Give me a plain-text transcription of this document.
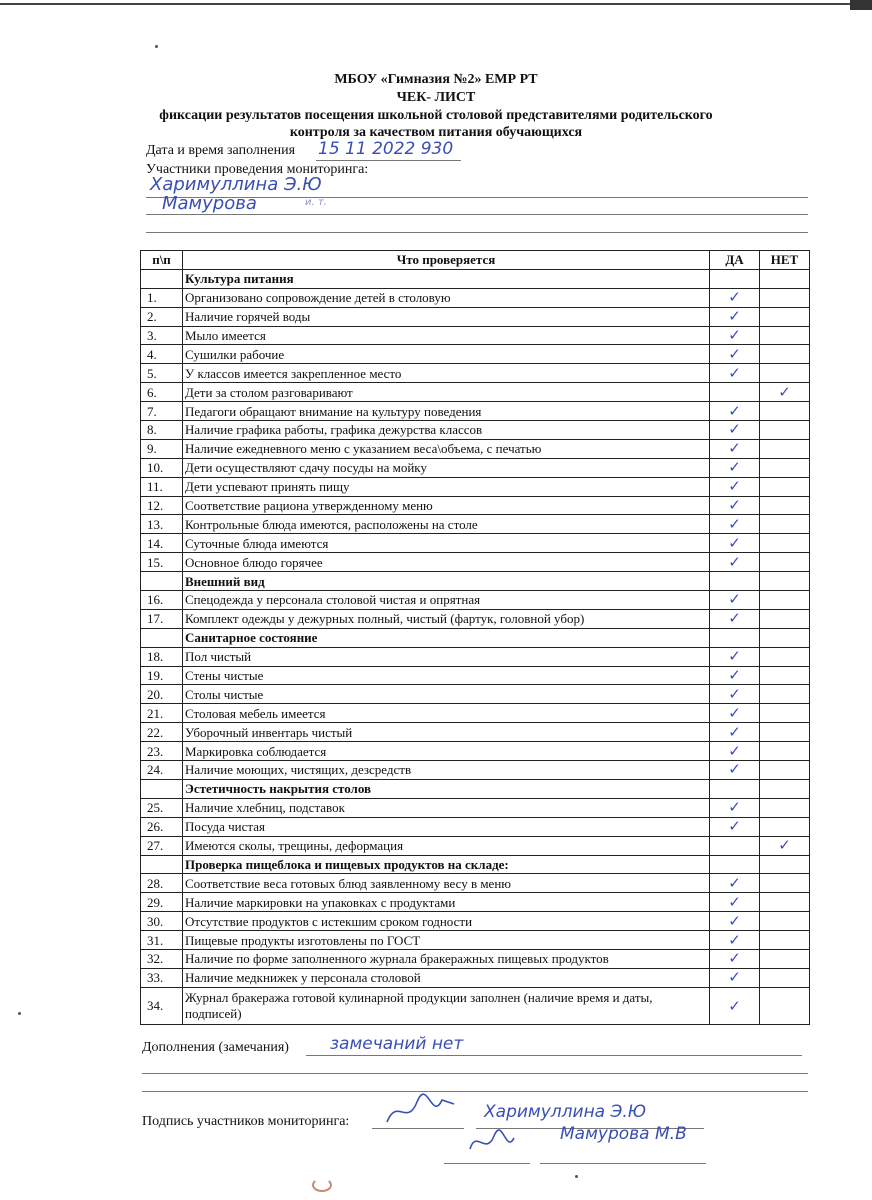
МБОУ «Гимназия №2» ЕМР РТ
ЧЕК- ЛИСТ
фиксации результатов посещения школьной столовой представителями родительского
контроля за качеством питания обучающихся
Дата и время заполнения 15 11 2022 930
Участники проведения мониторинга:
Харимуллина Э.Ю
Мамурова	и. т.
п\п	Что проверяется	ДА	НЕТ
	Культура питания		
1.	Организовано сопровождение детей в столовую	✓	
2.	Наличие горячей воды	✓	
3.	Мыло имеется	✓	
4.	Сушилки рабочие	✓	
5.	У классов имеется закрепленное место	✓	
6.	Дети за столом разговаривают		✓
7.	Педагоги обращают внимание на культуру поведения	✓	
8.	Наличие графика работы, графика дежурства классов	✓	
9.	Наличие ежедневного меню с указанием веса\объема, с печатью	✓	
10.	Дети осуществляют сдачу посуды на мойку	✓	
11.	Дети успевают принять пищу	✓	
12.	Соответствие рациона утвержденному меню	✓	
13.	Контрольные блюда имеются, расположены на столе	✓	
14.	Суточные блюда имеются	✓	
15.	Основное блюдо горячее	✓	
	Внешний вид		
16.	Спецодежда у персонала столовой чистая и опрятная	✓	
17.	Комплект одежды у дежурных полный, чистый (фартук, головной убор)	✓	
	Санитарное состояние		
18.	Пол чистый	✓	
19.	Стены чистые	✓	
20.	Столы чистые	✓	
21.	Столовая мебель имеется	✓	
22.	Уборочный инвентарь чистый	✓	
23.	Маркировка соблюдается	✓	
24.	Наличие моющих, чистящих, дезсредств	✓	
	Эстетичность накрытия столов		
25.	Наличие хлебниц, подставок	✓	
26.	Посуда чистая	✓	
27.	Имеются сколы, трещины, деформация		✓
	Проверка пищеблока и пищевых продуктов на складе:		
28.	Соответствие веса готовых блюд заявленному весу в меню	✓	
29.	Наличие маркировки на упаковках с продуктами	✓	
30.	Отсутствие продуктов с истекшим сроком годности	✓	
31.	Пищевые продукты изготовлены по ГОСТ	✓	
32.	Наличие по форме заполненного журнала бракеражных пищевых продуктов	✓	
33.	Наличие медкнижек у персонала столовой	✓	
34.	Журнал бракеража готовой кулинарной продукции заполнен (наличие время и даты, подписей)	✓	
Дополнения (замечания) замечаний нет
Подпись участников мониторинга:	Харимуллина Э.Ю
Мамурова М.В
